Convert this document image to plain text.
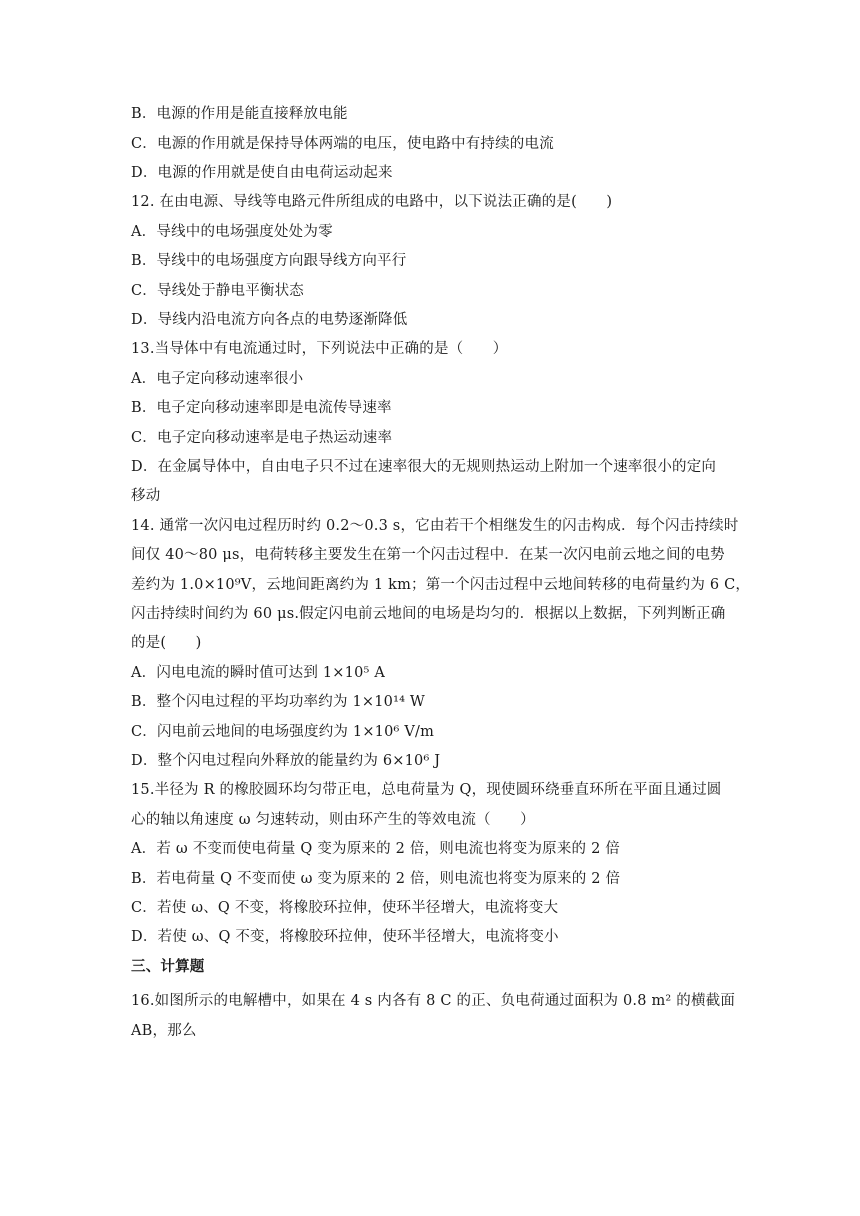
B．电源的作用是能直接释放电能
C．电源的作用就是保持导体两端的电压，使电路中有持续的电流
D．电源的作用就是使自由电荷运动起来
12. 在由电源、导线等电路元件所组成的电路中，以下说法正确的是(　　)
A．导线中的电场强度处处为零
B．导线中的电场强度方向跟导线方向平行
C．导线处于静电平衡状态
D．导线内沿电流方向各点的电势逐渐降低
13.当导体中有电流通过时，下列说法中正确的是（　　）
A．电子定向移动速率很小
B．电子定向移动速率即是电流传导速率
C．电子定向移动速率是电子热运动速率
D．在金属导体中，自由电子只不过在速率很大的无规则热运动上附加一个速率很小的定向
移动
14. 通常一次闪电过程历时约 0.2～0.3 s，它由若干个相继发生的闪击构成．每个闪击持续时
间仅 40～80 μs，电荷转移主要发生在第一个闪击过程中．在某一次闪电前云地之间的电势
差约为 1.0×10⁹V，云地间距离约为 1 km；第一个闪击过程中云地间转移的电荷量约为 6 C，
闪击持续时间约为 60 μs.假定闪电前云地间的电场是均匀的．根据以上数据，下列判断正确
的是(　　)
A．闪电电流的瞬时值可达到 1×10⁵ A
B．整个闪电过程的平均功率约为 1×10¹⁴ W
C．闪电前云地间的电场强度约为 1×10⁶ V/m
D．整个闪电过程向外释放的能量约为 6×10⁶ J
15.半径为 R 的橡胶圆环均匀带正电，总电荷量为 Q，现使圆环绕垂直环所在平面且通过圆
心的轴以角速度 ω 匀速转动，则由环产生的等效电流（　　）
A．若 ω 不变而使电荷量 Q 变为原来的 2 倍，则电流也将变为原来的 2 倍
B．若电荷量 Q 不变而使 ω 变为原来的 2 倍，则电流也将变为原来的 2 倍
C．若使 ω、Q 不变，将橡胶环拉伸，使环半径增大，电流将变大
D．若使 ω、Q 不变，将橡胶环拉伸，使环半径增大，电流将变小
三、计算题
16.如图所示的电解槽中，如果在 4 s 内各有 8 C 的正、负电荷通过面积为 0.8 m² 的横截面
AB，那么
